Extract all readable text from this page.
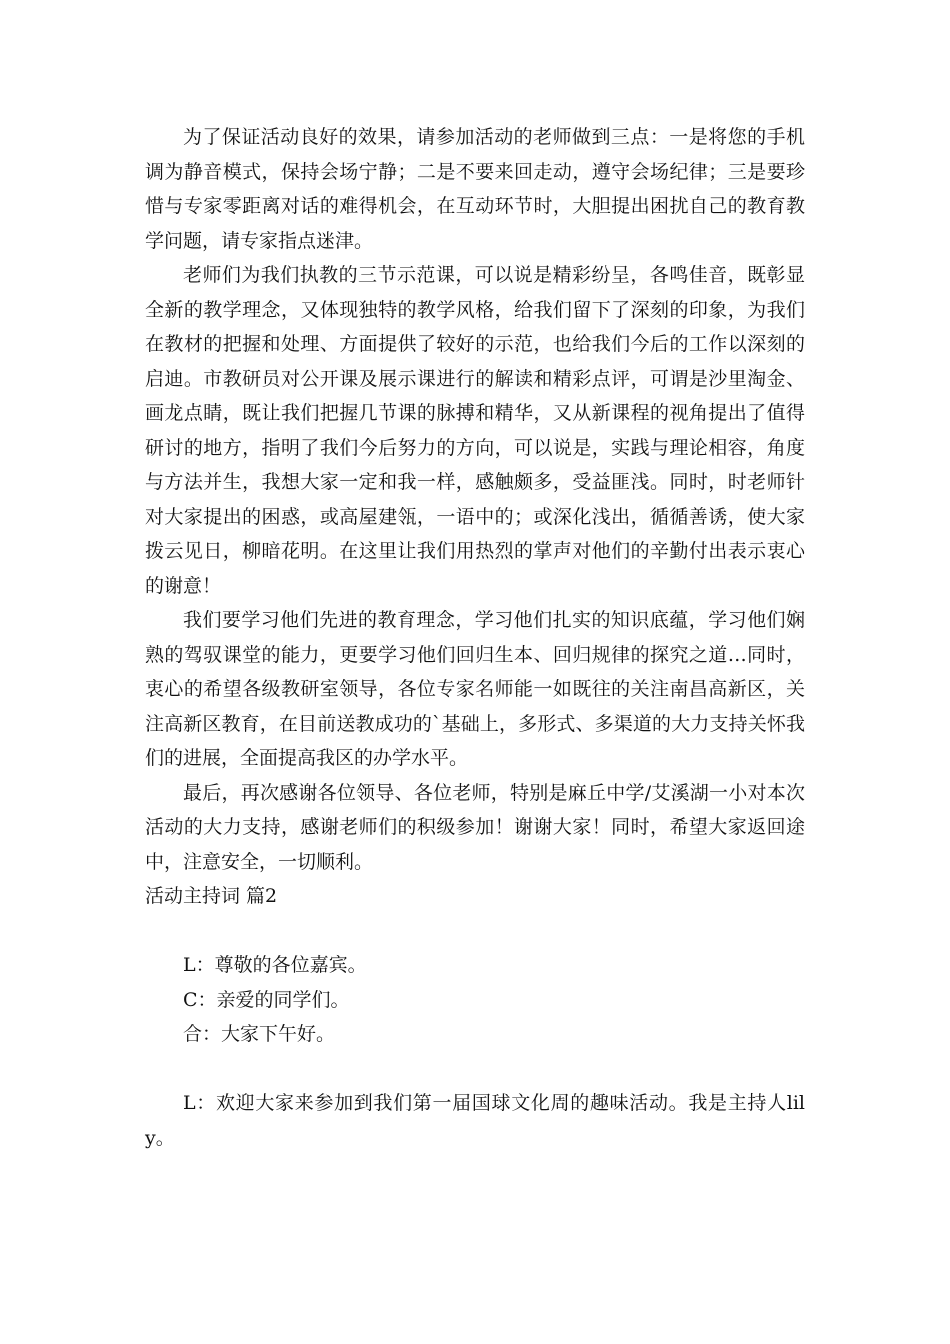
为了保证活动良好的效果，请参加活动的老师做到三点：一是将您的手机调为静音模式，保持会场宁静；二是不要来回走动，遵守会场纪律；三是要珍惜与专家零距离对话的难得机会，在互动环节时，大胆提出困扰自己的教育教学问题，请专家指点迷津。

老师们为我们执教的三节示范课，可以说是精彩纷呈，各鸣佳音，既彰显全新的教学理念，又体现独特的教学风格，给我们留下了深刻的印象，为我们在教材的把握和处理、方面提供了较好的示范，也给我们今后的工作以深刻的启迪。市教研员对公开课及展示课进行的解读和精彩点评，可谓是沙里淘金、画龙点睛，既让我们把握几节课的脉搏和精华，又从新课程的视角提出了值得研讨的地方，指明了我们今后努力的方向，可以说是，实践与理论相容，角度与方法并生，我想大家一定和我一样，感触颇多，受益匪浅。同时，时老师针对大家提出的困惑，或高屋建瓴，一语中的；或深化浅出，循循善诱，使大家拨云见日，柳暗花明。在这里让我们用热烈的掌声对他们的辛勤付出表示衷心的谢意！

我们要学习他们先进的教育理念，学习他们扎实的知识底蕴，学习他们娴熟的驾驭课堂的能力，更要学习他们回归生本、回归规律的探究之道…同时，衷心的希望各级教研室领导，各位专家名师能一如既往的关注南昌高新区，关注高新区教育，在目前送教成功的`基础上，多形式、多渠道的大力支持关怀我们的进展，全面提高我区的办学水平。

最后，再次感谢各位领导、各位老师，特别是麻丘中学/艾溪湖一小对本次活动的大力支持，感谢老师们的积级参加！谢谢大家！同时，希望大家返回途中，注意安全，一切顺利。

活动主持词 篇2

L：尊敬的各位嘉宾。

C：亲爱的同学们。

合：大家下午好。

L：欢迎大家来参加到我们第一届国球文化周的趣味活动。我是主持人lily。
